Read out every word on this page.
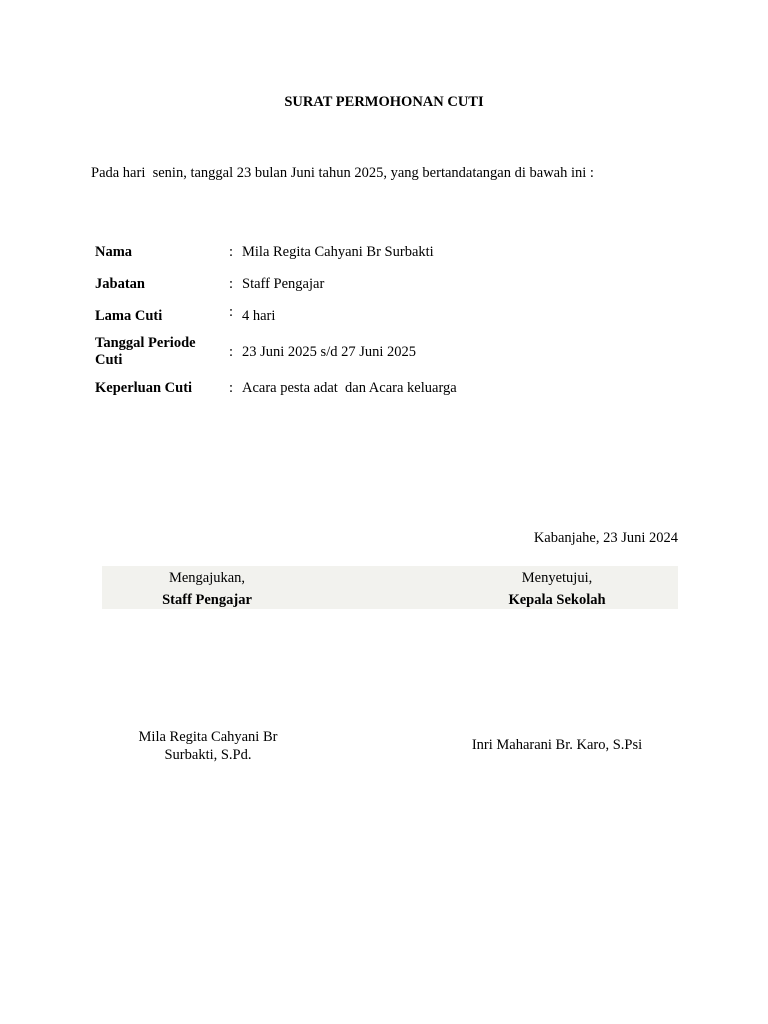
SURAT PERMOHONAN CUTI
Pada hari  senin, tanggal 23 bulan Juni tahun 2025, yang bertandatangan di bawah ini :
Nama	: Mila Regita Cahyani Br Surbakti
Jabatan	: Staff Pengajar
Lama Cuti	: 4 hari
Tanggal Periode Cuti
: 23 Juni 2025 s/d 27 Juni 2025
Keperluan Cuti	: Acara pesta adat  dan Acara keluarga
Kabanjahe, 23 Juni 2024
Mengajukan,
Staff Pengajar
Menyetujui,
Kepala Sekolah
Mila Regita Cahyani Br Surbakti, S.Pd.
Inri Maharani Br. Karo, S.Psi
